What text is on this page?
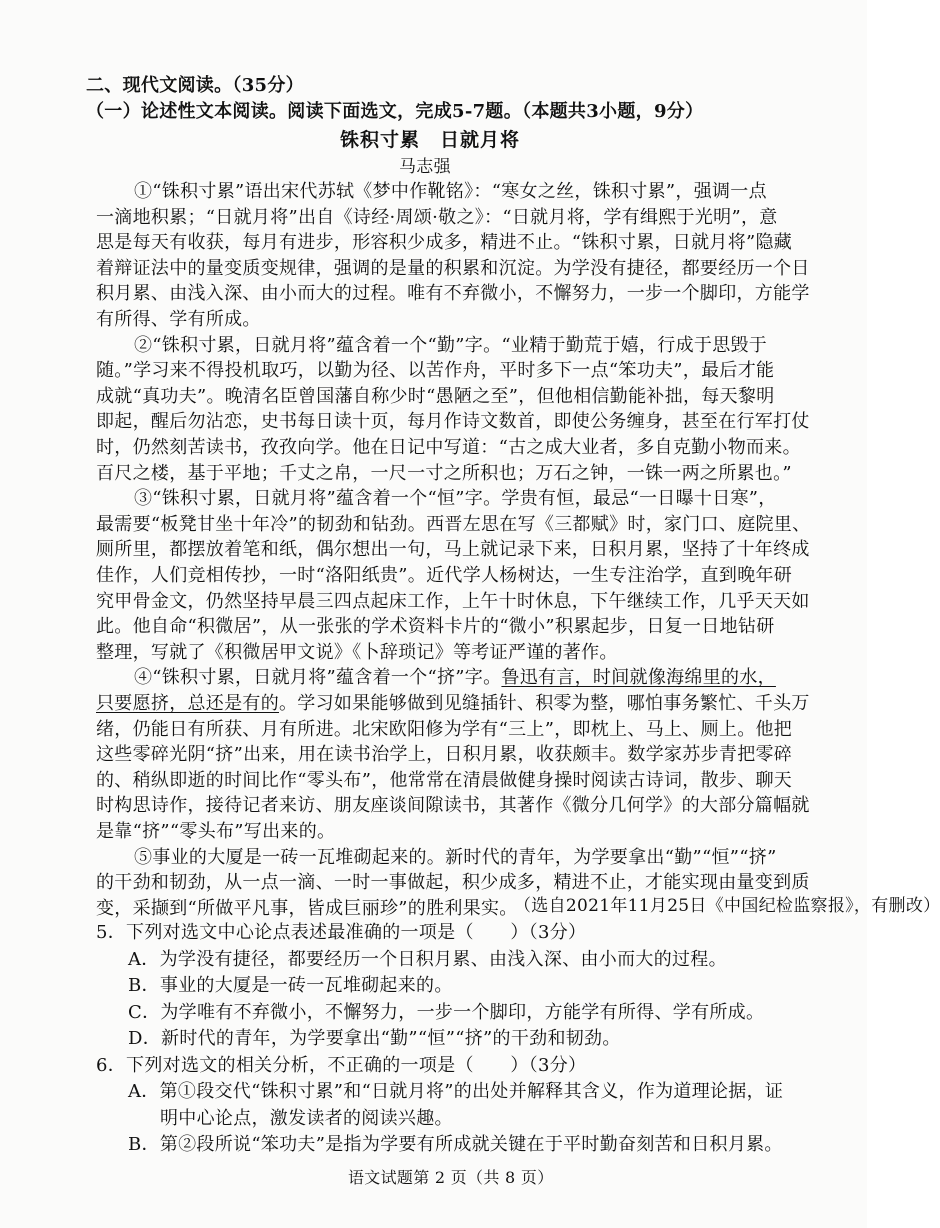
二、现代文阅读。（35分）
（一）论述性文本阅读。阅读下面选文，完成5-7题。（本题共3小题，9分）
铢积寸累　日就月将
马志强
①“铢积寸累”语出宋代苏轼《梦中作靴铭》：“寒女之丝，铢积寸累”，强调一点
一滴地积累；“日就月将”出自《诗经·周颂·敬之》：“日就月将，学有缉熙于光明”，意
思是每天有收获，每月有进步，形容积少成多，精进不止。“铢积寸累，日就月将”隐藏
着辩证法中的量变质变规律，强调的是量的积累和沉淀。为学没有捷径，都要经历一个日
积月累、由浅入深、由小而大的过程。唯有不弃微小，不懈努力，一步一个脚印，方能学
有所得、学有所成。
②“铢积寸累，日就月将”蕴含着一个“勤”字。“业精于勤荒于嬉，行成于思毁于
随。”学习来不得投机取巧，以勤为径、以苦作舟，平时多下一点“笨功夫”，最后才能
成就“真功夫”。晚清名臣曾国藩自称少时“愚陋之至”，但他相信勤能补拙，每天黎明
即起，醒后勿沾恋，史书每日读十页，每月作诗文数首，即使公务缠身，甚至在行军打仗
时，仍然刻苦读书，孜孜向学。他在日记中写道：“古之成大业者，多自克勤小物而来。
百尺之楼，基于平地；千丈之帛，一尺一寸之所积也；万石之钟，一铢一两之所累也。”
③“铢积寸累，日就月将”蕴含着一个“恒”字。学贵有恒，最忌“一日曝十日寒”，
最需要“板凳甘坐十年冷”的韧劲和钻劲。西晋左思在写《三都赋》时，家门口、庭院里、
厕所里，都摆放着笔和纸，偶尔想出一句，马上就记录下来，日积月累，坚持了十年终成
佳作，人们竞相传抄，一时“洛阳纸贵”。近代学人杨树达，一生专注治学，直到晚年研
究甲骨金文，仍然坚持早晨三四点起床工作，上午十时休息，下午继续工作，几乎天天如
此。他自命“积微居”，从一张张的学术资料卡片的“微小”积累起步，日复一日地钻研
整理，写就了《积微居甲文说》《卜辞琐记》等考证严谨的著作。
④“铢积寸累，日就月将”蕴含着一个“挤”字。鲁迅有言，时间就像海绵里的水，
只要愿挤，总还是有的。学习如果能够做到见缝插针、积零为整，哪怕事务繁忙、千头万
绪，仍能日有所获、月有所进。北宋欧阳修为学有“三上”，即枕上、马上、厕上。他把
这些零碎光阴“挤”出来，用在读书治学上，日积月累，收获颇丰。数学家苏步青把零碎
的、稍纵即逝的时间比作“零头布”，他常常在清晨做健身操时阅读古诗词，散步、聊天
时构思诗作，接待记者来访、朋友座谈间隙读书，其著作《微分几何学》的大部分篇幅就
是靠“挤”“零头布”写出来的。
⑤事业的大厦是一砖一瓦堆砌起来的。新时代的青年，为学要拿出“勤”“恒”“挤”
的干劲和韧劲，从一点一滴、一时一事做起，积少成多，精进不止，才能实现由量变到质
变，采撷到“所做平凡事，皆成巨丽珍”的胜利果实。
（选自2021年11月25日《中国纪检监察报》，有删改）
5．下列对选文中心论点表述最准确的一项是（　　）（3分）
A．为学没有捷径，都要经历一个日积月累、由浅入深、由小而大的过程。
B．事业的大厦是一砖一瓦堆砌起来的。
C．为学唯有不弃微小，不懈努力，一步一个脚印，方能学有所得、学有所成。
D．新时代的青年，为学要拿出“勤”“恒”“挤”的干劲和韧劲。
6．下列对选文的相关分析，不正确的一项是（　　）（3分）
A．第①段交代“铢积寸累”和“日就月将”的出处并解释其含义，作为道理论据，证
明中心论点，激发读者的阅读兴趣。
B．第②段所说“笨功夫”是指为学要有所成就关键在于平时勤奋刻苦和日积月累。
语文试题第 2 页（共 8 页）
